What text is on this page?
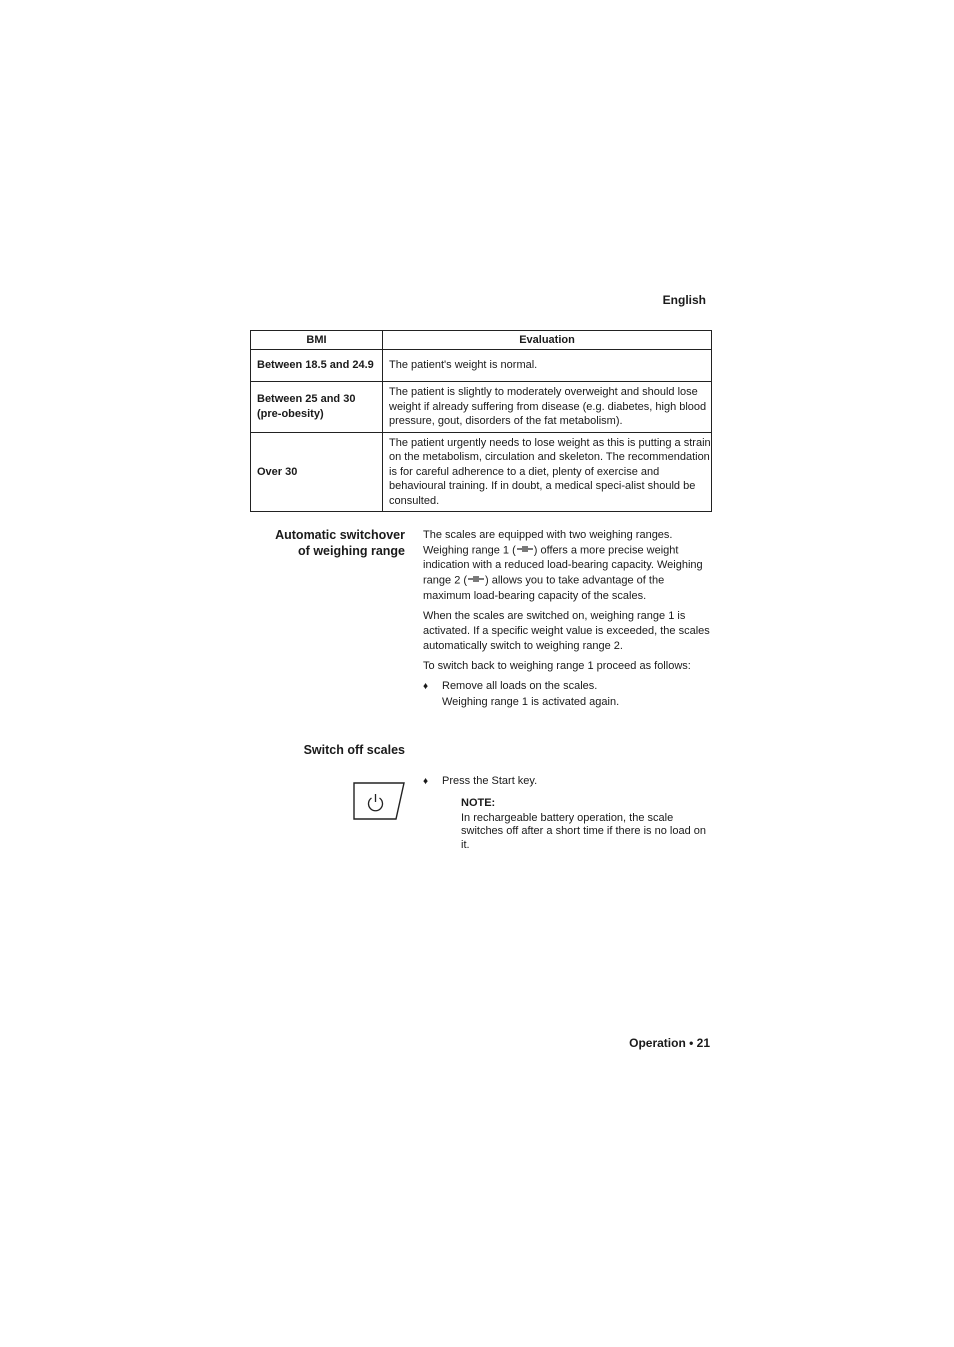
English
BMI	Evaluation
Between 18.5 and 24.9	The patient's weight is normal.
Between 25 and 30 (pre-obesity)	The patient is slightly to moderately overweight and should lose weight if already suffering from disease (e.g. diabetes, high blood pressure, gout, disorders of the fat metabolism).
Over 30	The patient urgently needs to lose weight as this is putting a strain on the metabolism, circulation and skeleton. The recommendation is for careful adherence to a diet, plenty of exercise and behavioural training. If in doubt, a medical speci-alist should be consulted.
Automatic switchover
of weighing range

The scales are equipped with two weighing ranges. Weighing range 1 ( ) offers a more precise weight indication with a reduced load-bearing capacity. Weighing range 2 ( ) allows you to take advantage of the maximum load-bearing capacity of the scales.

When the scales are switched on, weighing range 1 is activated. If a specific weight value is exceeded, the scales automatically switch to weighing range 2.

To switch back to weighing range 1 proceed as follows:

♦ Remove all loads on the scales.
Weighing range 1 is activated again.
Switch off scales
♦ Press the Start key.
NOTE:
In rechargeable battery operation, the scale switches off after a short time if there is no load on it.
Operation • 21
